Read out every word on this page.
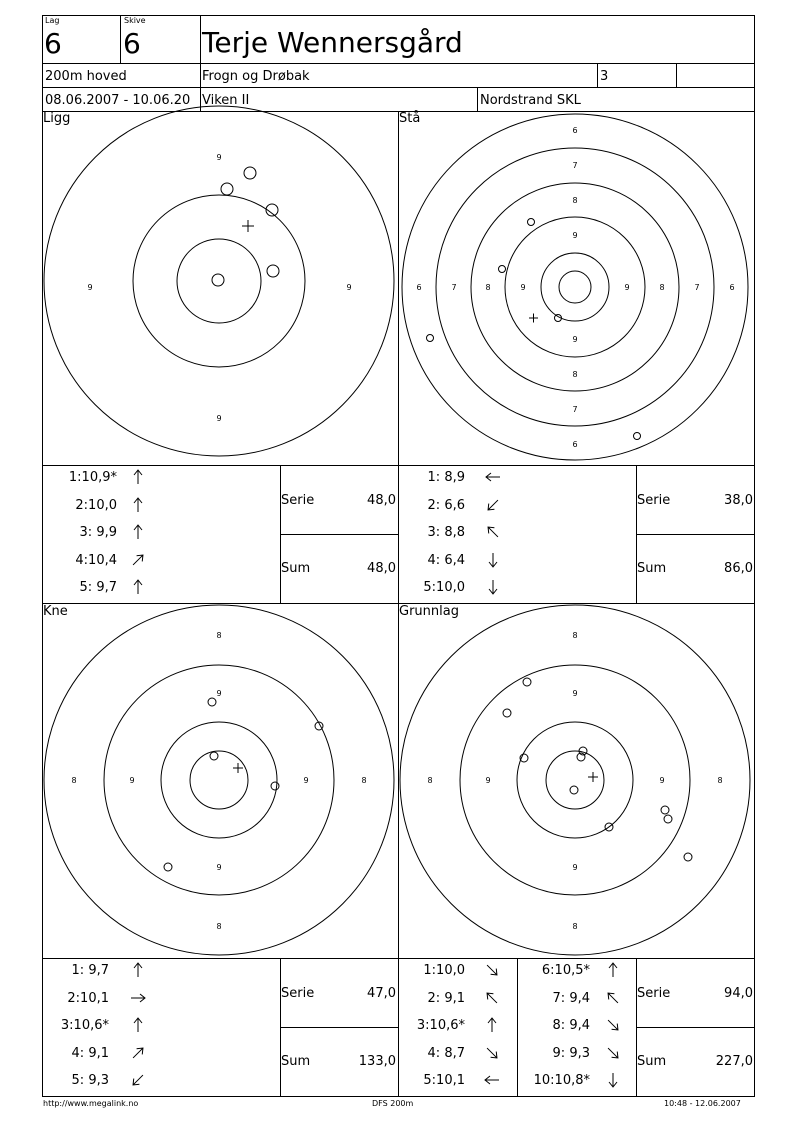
Lag
6
Skive
6 Terje Wennersgård
200m hoved	Frogn og Drøbak	3
08.06.2007 - 10.06.20 Viken II	Nordstrand SKL
Ligg	Stå
Kne	Grunnlag
9
9	9
9
6
7
8
9
9
8
7
6
6	7	8	9	9	8	7	6
8
9
9
8
8	9	9	8
8
9
9
8
8	9	9	8
1:10,9*
2:10,0
3: 9,9
4:10,4
5: 9,7
Serie	48,0
Sum	48,0
1: 8,9
2: 6,6
3: 8,8
4: 6,4
5:10,0
Serie	38,0
Sum	86,0
1: 9,7
2:10,1
3:10,6*
4: 9,1
5: 9,3
Serie	47,0
Sum	133,0
1:10,0
2: 9,1
3:10,6*
4: 8,7
5:10,1
6:10,5*
7: 9,4
8: 9,4
9: 9,3
10:10,8*
Serie	94,0
Sum	227,0
http://www.megalink.no	DFS 200m	10:48 - 12.06.2007
